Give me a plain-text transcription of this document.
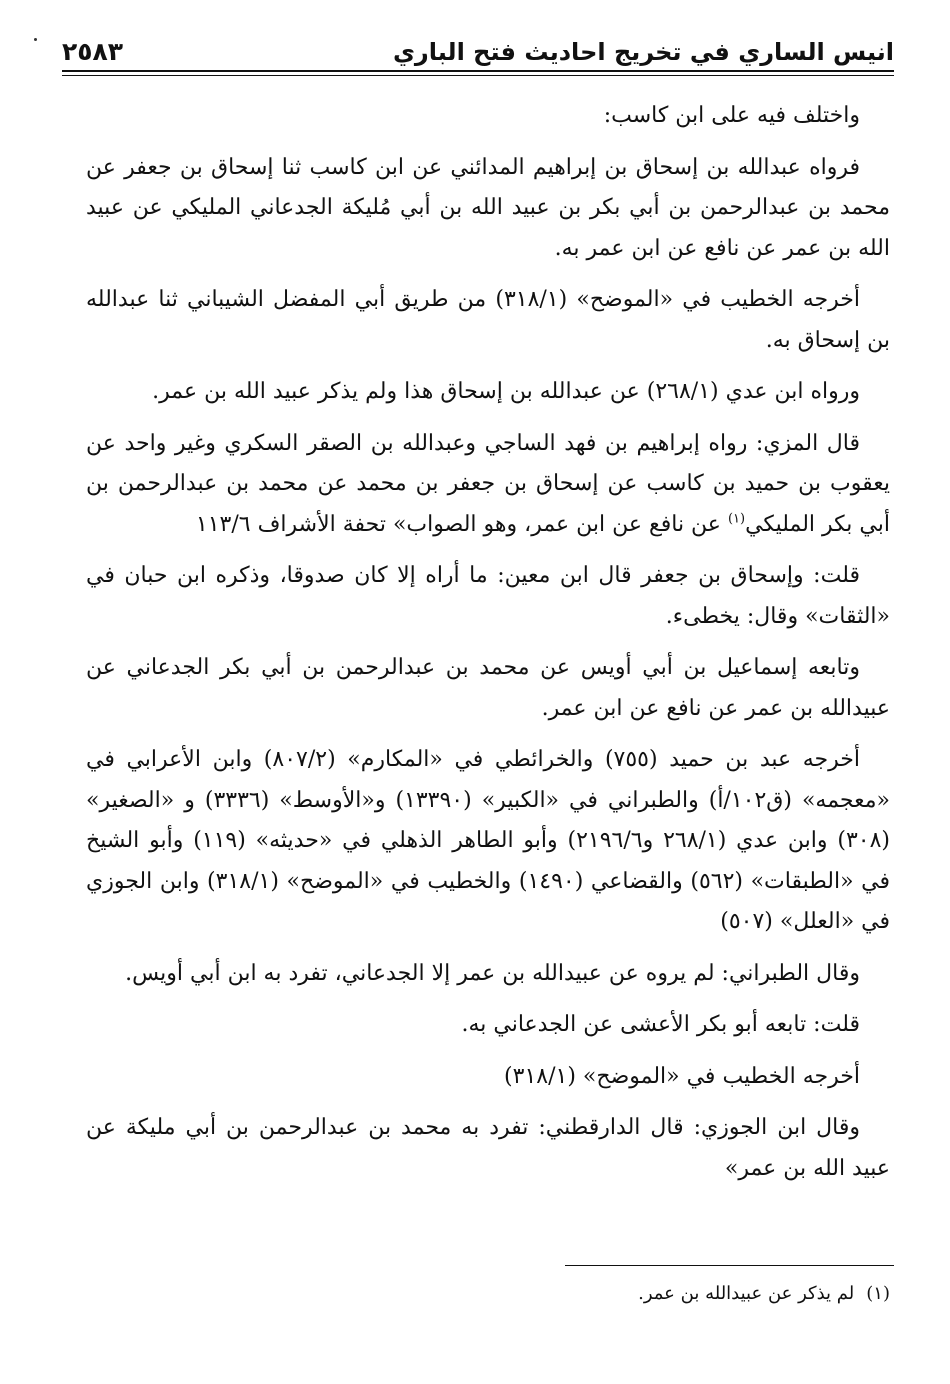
انيس الساري في تخريج احاديث فتح الباري
٢٥٨٣

واختلف فيه على ابن كاسب:

فرواه عبدالله بن إسحاق بن إبراهيم المدائني عن ابن كاسب ثنا إسحاق بن جعفر عن محمد بن عبدالرحمن بن أبي بكر بن عبيد الله بن أبي مُليكة الجدعاني المليكي عن عبيد الله بن عمر عن نافع عن ابن عمر به.

أخرجه الخطيب في «الموضح» (٣١٨/١) من طريق أبي المفضل الشيباني ثنا عبدالله بن إسحاق به.

ورواه ابن عدي (٢٦٨/١) عن عبدالله بن إسحاق هذا ولم يذكر عبيد الله بن عمر.

قال المزي: رواه إبراهيم بن فهد الساجي وعبدالله بن الصقر السكري وغير واحد عن يعقوب بن حميد بن كاسب عن إسحاق بن جعفر بن محمد عن محمد بن عبدالرحمن بن أبي بكر المليكي$^{(١)}$ عن نافع عن ابن عمر، وهو الصواب» تحفة الأشراف ١١٣/٦

قلت: وإسحاق بن جعفر قال ابن معين: ما أراه إلا كان صدوقا، وذكره ابن حبان في «الثقات» وقال: يخطىء.

وتابعه إسماعيل بن أبي أويس عن محمد بن عبدالرحمن بن أبي بكر الجدعاني عن عبيدالله بن عمر عن نافع عن ابن عمر.

أخرجه عبد بن حميد (٧٥٥) والخرائطي في «المكارم» (٨٠٧/٢) وابن الأعرابي في «معجمه» (ق١٠٢/أ) والطبراني في «الكبير» (١٣٣٩٠) و«الأوسط» (٣٣٣٦) و «الصغير» (٣٠٨) وابن عدي (٢٦٨/١ و٢١٩٦/٦) وأبو الطاهر الذهلي في «حديثه» (١١٩) وأبو الشيخ في «الطبقات» (٥٦٢) والقضاعي (١٤٩٠) والخطيب في «الموضح» (٣١٨/١) وابن الجوزي في «العلل» (٥٠٧)

وقال الطبراني: لم يروه عن عبيدالله بن عمر إلا الجدعاني، تفرد به ابن أبي أويس.

قلت: تابعه أبو بكر الأعشى عن الجدعاني به.

أخرجه الخطيب في «الموضح» (٣١٨/١)

وقال ابن الجوزي: قال الدارقطني: تفرد به محمد بن عبدالرحمن بن أبي مليكة عن عبيد الله بن عمر»

(١)لم يذكر عن عبيدالله بن عمر.
